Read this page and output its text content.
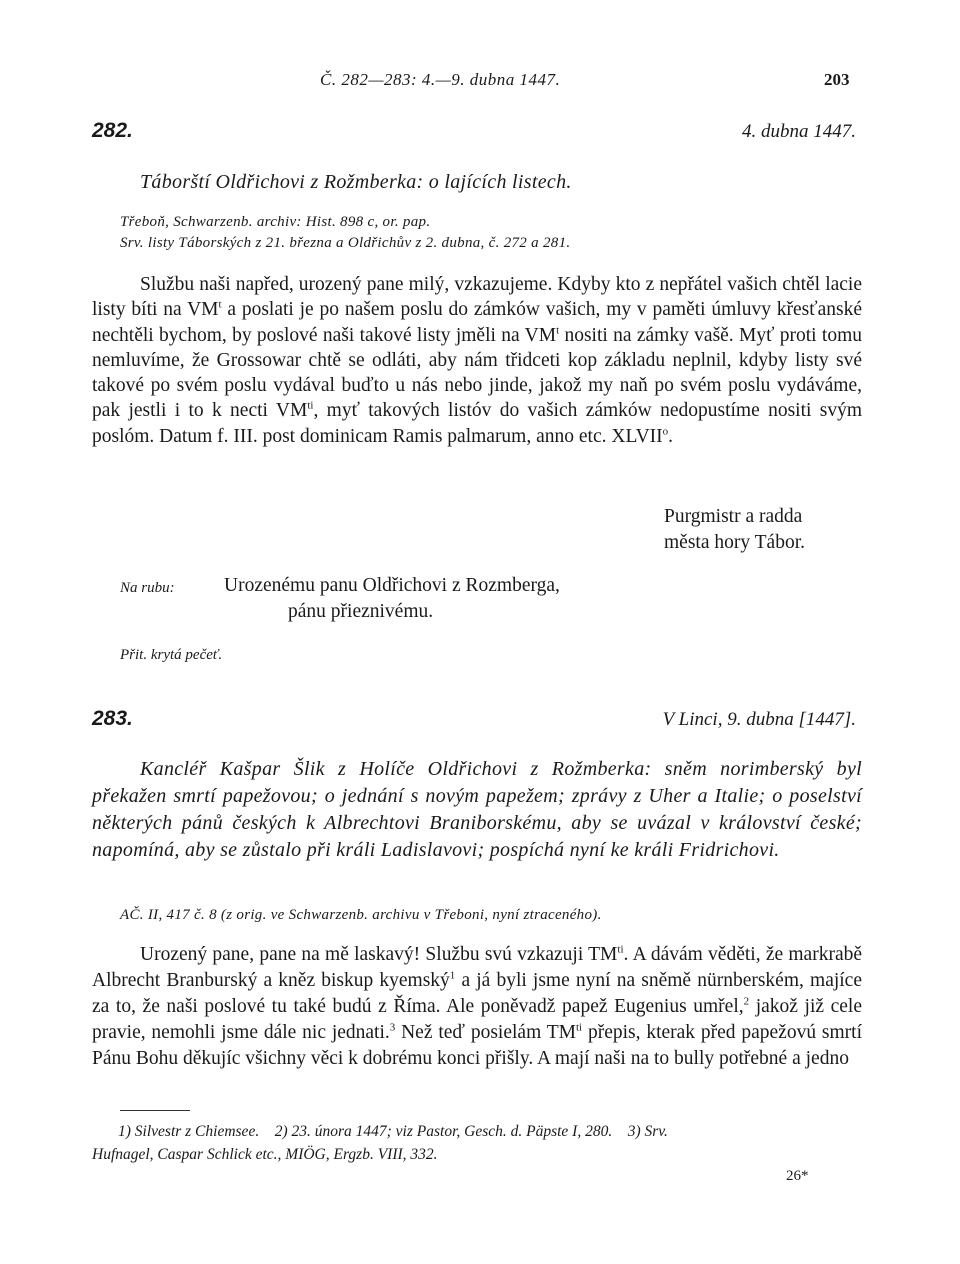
Č. 282—283: 4.—9. dubna 1447.	203
282.	4. dubna 1447.
Táborští Oldřichovi z Rožmberka: o lajících listech.
Třeboň, Schwarzenb. archiv: Hist. 898 c, or. pap.
Srv. listy Táborských z 21. března a Oldřichův z 2. dubna, č. 272 a 281.

Službu naši napřed, urozený pane milý, vzkazujeme. Kdyby kto z nepřátel vašich chtěl lacie listy bíti na $VM^t$ a poslati je po našem poslu do zámków vašich, my v paměti úmluvy křesťanské nechtěli bychom, by poslové naši takové listy jměli na $VM^t$ nositi na zámky vašě. Myť proti tomu nemluvíme, že Grossowar chtě se odláti, aby nám třidceti kop základu neplnil, kdyby listy své takové po svém poslu vydával buďto u nás nebo jinde, jakož my naň po svém poslu vydáváme, pak jestli i to k necti $VM^{ti}$, myť takových listóv do vašich zámków nedopustíme nositi svým poslóm. Datum f. III. post dominicam Ramis palmarum, anno etc. XLVII$^o$.

Purgmistr a radda
města hory Tábor.
Na rubu:	Urozenému panu Oldřichovi z Rozmberga,
pánu přieznivému.
Přit. krytá pečeť.
283.	V Linci, 9. dubna [1447].
Kancléř Kašpar Šlik z Holíče Oldřichovi z Rožmberka: sněm norimberský byl překažen smrtí papežovou; o jednání s novým papežem; zprávy z Uher a Italie; o poselství některých pánů českých k Albrechtovi Braniborskému, aby se uvázal v království české; napomíná, aby se zůstalo při králi Ladislavovi; pospíchá nyní ke králi Fridrichovi.
AČ. II, 417 č. 8 (z orig. ve Schwarzenb. archivu v Třeboni, nyní ztraceného).

Urozený pane, pane na mě laskavý! Službu svú vzkazuji $TM^{ti}$. A dávám věděti, že markrabě Albrecht Branburský a kněz biskup kyemský$^1$ a já byli jsme nyní na sněmě nürnberském, majíce za to, že naši poslové tu také budú z Říma. Ale poněvadž papež Eugenius umřel,$^2$ jakož již cele pravie, nemohli jsme dále nic jednati.$^3$ Než teď posielám $TM^{ti}$ přepis, kterak před papežovú smrtí Pánu Bohu děkujíc všichny věci k dobrému konci přišly. A mají naši na to bully potřebné a jedno

1) Silvestr z Chiemsee.    2) 23. února 1447; viz Pastor, Gesch. d. Päpste I, 280.    3) Srv.
Hufnagel, Caspar Schlick etc., MIÖG, Ergzb. VIII, 332.
26*
